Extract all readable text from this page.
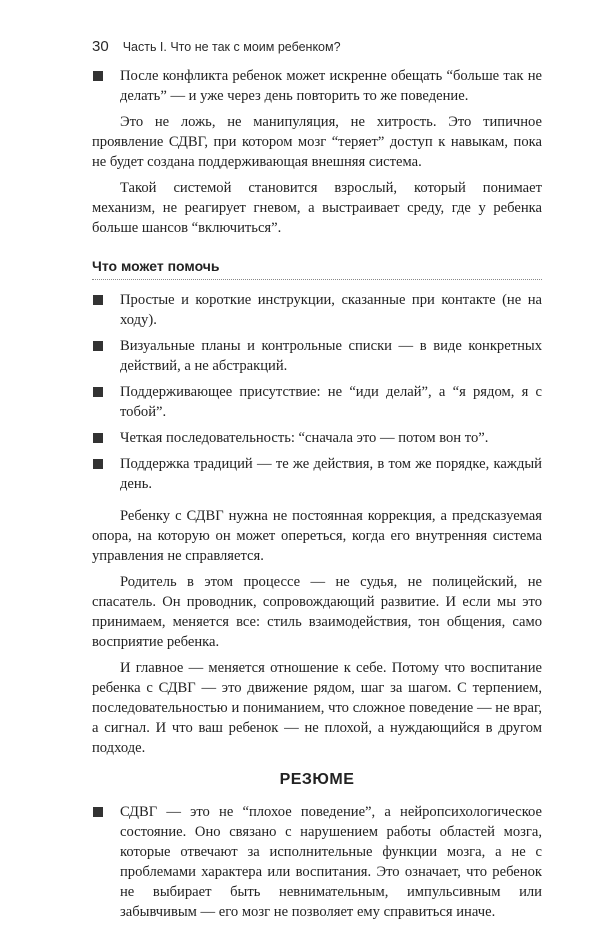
30 Часть I. Что не так с моим ребенком?
После конфликта ребенок может искренне обещать “больше так не делать” — и уже через день повторить то же поведение.

Это не ложь, не манипуляция, не хитрость. Это типичное проявление СДВГ, при котором мозг “теряет” доступ к навыкам, пока не будет создана поддерживающая внешняя система.

Такой системой становится взрослый, который понимает механизм, не реагирует гневом, а выстраивает среду, где у ребенка больше шансов “включиться”.

Что может помочь
Простые и короткие инструкции, сказанные при контакте (не на ходу).
Визуальные планы и контрольные списки — в виде конкретных действий, а не абстракций.
Поддерживающее присутствие: не “иди делай”, а “я рядом, я с тобой”.
Четкая последовательность: “сначала это — потом вон то”.
Поддержка традиций — те же действия, в том же порядке, каждый день.

Ребенку с СДВГ нужна не постоянная коррекция, а предсказуемая опора, на которую он может опереться, когда его внутренняя система управления не справляется.

Родитель в этом процессе — не судья, не полицейский, не спасатель. Он проводник, сопровождающий развитие. И если мы это принимаем, меняется все: стиль взаимодействия, тон общения, само восприятие ребенка.

И главное — меняется отношение к себе. Потому что воспитание ребенка с СДВГ — это движение рядом, шаг за шагом. С терпением, последовательностью и пониманием, что сложное поведение — не враг, а сигнал. И что ваш ребенок — не плохой, а нуждающийся в другом подходе.

РЕЗЮМЕ
СДВГ — это не “плохое поведение”, а нейропсихологическое состояние. Оно связано с нарушением работы областей мозга, которые отвечают за исполнительные функции мозга, а не с проблемами характера или воспитания. Это означает, что ребенок не выбирает быть невнимательным, импульсивным или забывчивым — его мозг не позволяет ему справиться иначе.
